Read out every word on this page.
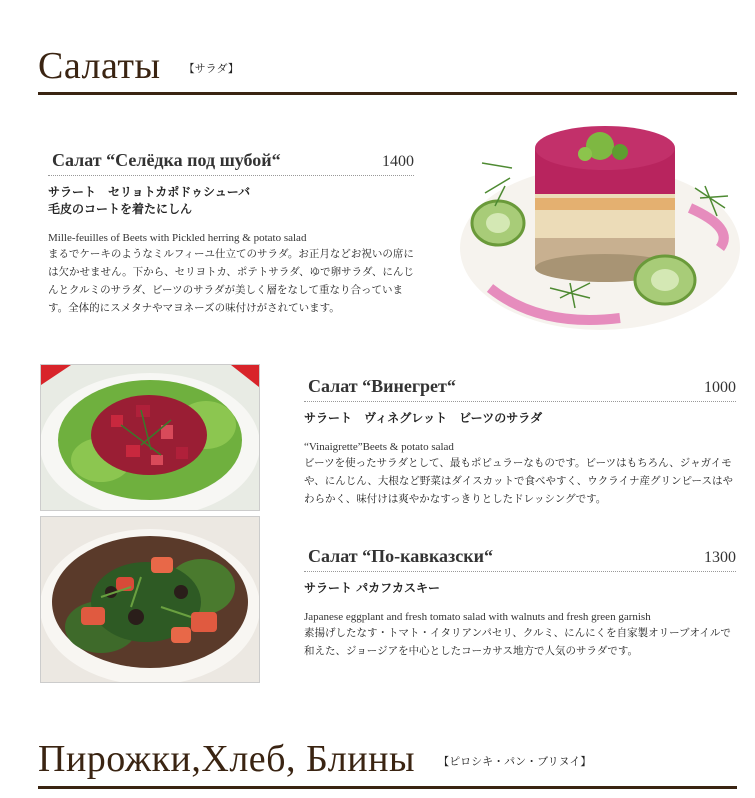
Салаты $^{【サラダ】}$
Салат “Селёдка под шубой“	1400
サラート　セリョトカポドゥシューバ
毛皮のコートを着たにしん
Mille-feuilles of Beets with Pickled herring & potato salad
まるでケーキのようなミルフィーユ仕立てのサラダ。お正月などお祝いの席には欠かせません。下から、セリヨトカ、ポテトサラダ、ゆで卵サラダ、にんじんとクルミのサラダ、ビーツのサラダが美しく層をなして重なり合っています。全体的にスメタナやマヨネーズの味付けがされています。
Салат “Винегрет“	1000
サラート　ヴィネグレット　ビーツのサラダ
“Vinaigrette”Beets & potato salad
ビーツを使ったサラダとして、最もポピュラーなものです。ビーツはもちろん、ジャガイモや、にんじん、大根など野菜はダイスカットで食べやすく、ウクライナ産グリンピースはやわらかく、味付けは爽やかなすっきりとしたドレッシングです。
Салат “По-кавказски“	1300
サラート パカフカスキー
Japanese eggplant and fresh tomato salad with walnuts and fresh green garnish
素揚げしたなす・トマト・イタリアンパセリ、クルミ、にんにくを自家製オリーブオイルで和えた、ジョージアを中心としたコーカサス地方で人気のサラダです。
Пирожки,Хлеб, Блины $^{【ピロシキ・パン・ブリヌイ】}$
